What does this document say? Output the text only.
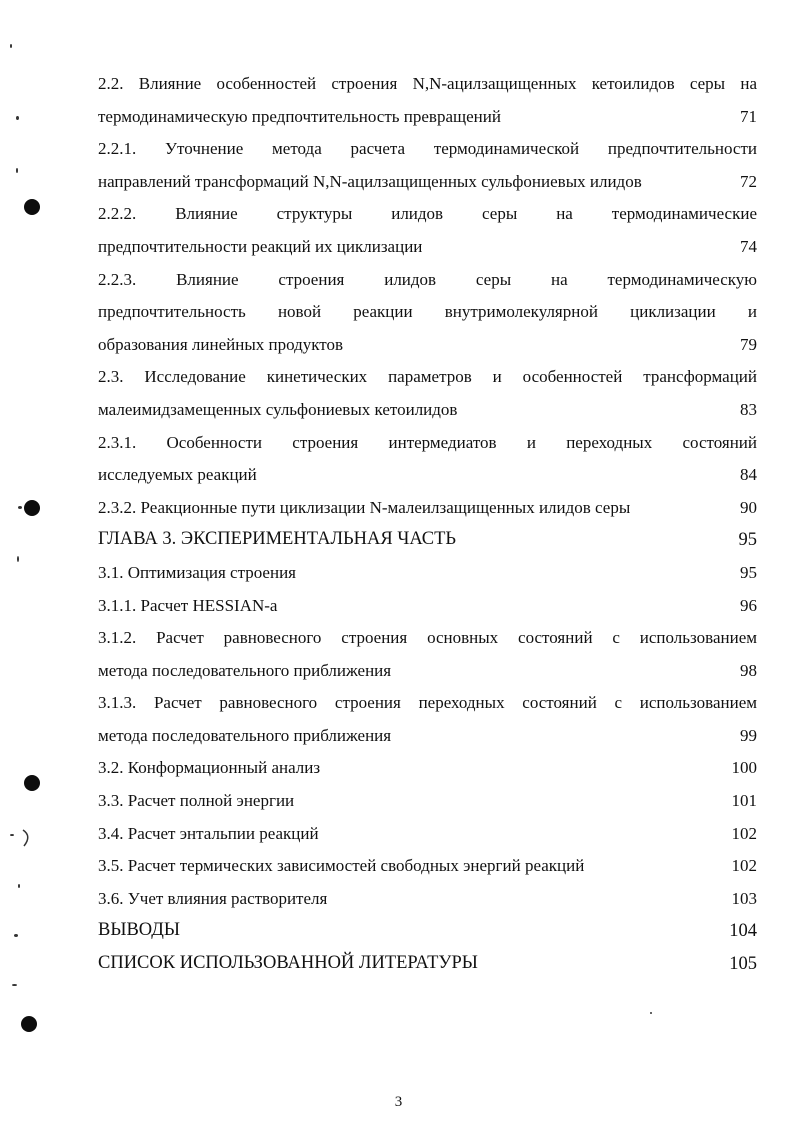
2.2. Влияние особенностей строения N,N-ацилзащищенных кетоилидов серы на
термодинамическую предпочтительность превращений	71
2.2.1. Уточнение метода расчета термодинамической предпочтительности
направлений трансформаций N,N-ацилзащищенных сульфониевых илидов	72
2.2.2. Влияние структуры илидов серы на термодинамические
предпочтительности реакций их циклизации	74
2.2.3. Влияние строения илидов серы на термодинамическую
предпочтительность новой реакции внутримолекулярной циклизации и
образования линейных продуктов	79
2.3. Исследование кинетических параметров и особенностей трансформаций
малеимидзамещенных сульфониевых кетоилидов	83
2.3.1. Особенности строения интермедиатов и переходных состояний
исследуемых реакций	84
2.3.2. Реакционные пути циклизации N-малеилзащищенных илидов серы	90
ГЛАВА 3. ЭКСПЕРИМЕНТАЛЬНАЯ ЧАСТЬ	95
3.1. Оптимизация строения	95
3.1.1. Расчет HESSIAN-a	96
3.1.2. Расчет равновесного строения основных состояний с использованием
метода последовательного приближения	98
3.1.3. Расчет равновесного строения переходных состояний с использованием
метода последовательного приближения	99
3.2. Конформационный анализ	100
3.3. Расчет полной энергии	101
3.4. Расчет энтальпии реакций	102
3.5. Расчет термических зависимостей свободных энергий реакций	102
3.6. Учет влияния растворителя	103
ВЫВОДЫ	104
СПИСОК ИСПОЛЬЗОВАННОЙ ЛИТЕРАТУРЫ	105
3
